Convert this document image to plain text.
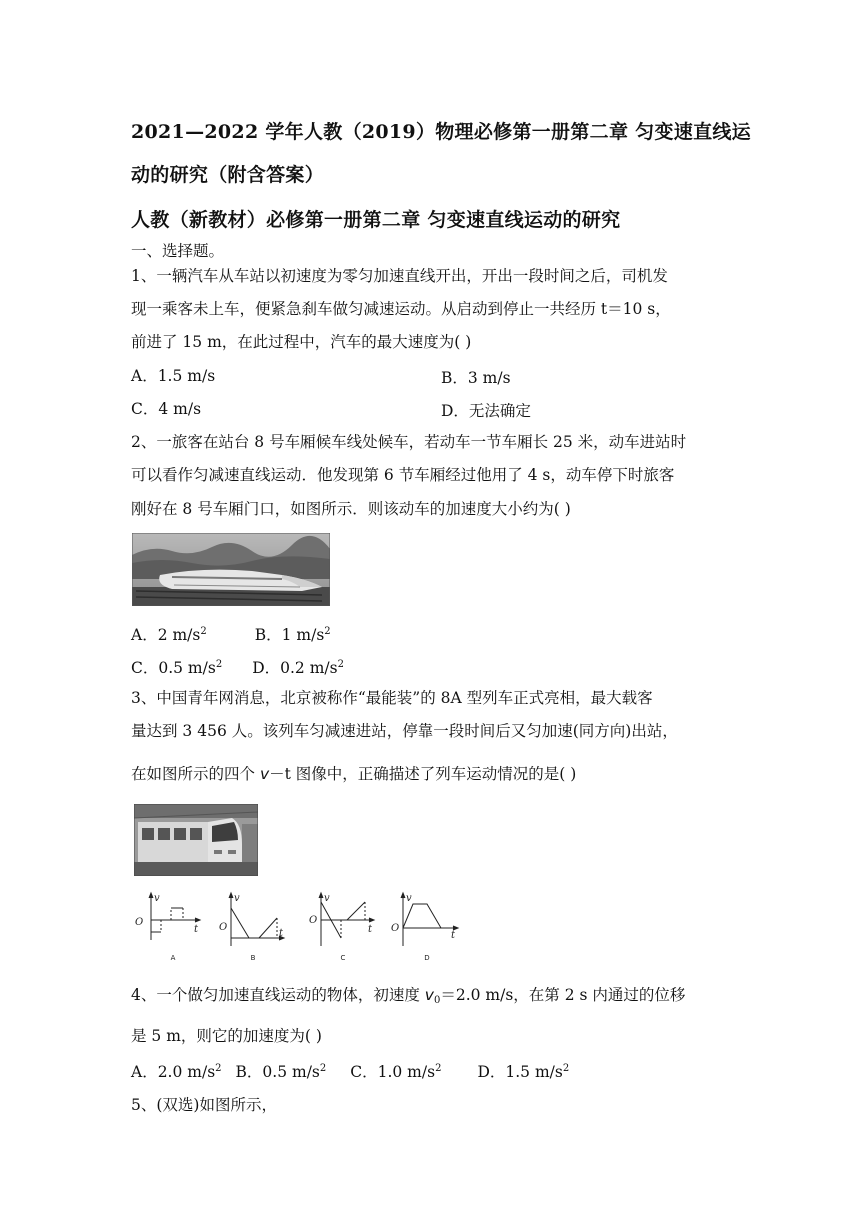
2021—2022 学年人教（2019）物理必修第一册第二章 匀变速直线运
动的研究（附含答案）
人教（新教材）必修第一册第二章 匀变速直线运动的研究
一、选择题。
1、一辆汽车从车站以初速度为零匀加速直线开出，开出一段时间之后，司机发
现一乘客未上车，便紧急刹车做匀减速运动。从启动到停止一共经历 t＝10 s，
前进了 15 m，在此过程中，汽车的最大速度为( )
A．1.5 m/s	B．3 m/s
C．4 m/s	D．无法确定
2、一旅客在站台 8 号车厢候车线处候车，若动车一节车厢长 25 米，动车进站时
可以看作匀减速直线运动．他发现第 6 节车厢经过他用了 4 s，动车停下时旅客
刚好在 8 号车厢门口，如图所示．则该动车的加速度大小约为( )
A．2 $m/s^2$	B．1 $m/s^2$
C．0.5 $m/s^2$ D．0.2 $m/s^2$
3、中国青年网消息，北京被称作“最能装”的 8A 型列车正式亮相，最大载客
量达到 3 456 人。该列车匀减速进站，停靠一段时间后又匀加速(同方向)出站，
在如图所示的四个 v－t 图像中，正确描述了列车运动情况的是( )
v
O
t
v
O
t
v
O
t
v
O
t
A	B	C	D
4、一个做匀加速直线运动的物体，初速度 $v_0=2.0$ m/s，在第 2 s 内通过的位移
是 5 m，则它的加速度为( )
A．2.0 $m/s^2$ B．0.5 $m/s^2$ C．1.0 $m/s^2$ D．1.5 $m/s^2$
5、(双选)如图所示，
